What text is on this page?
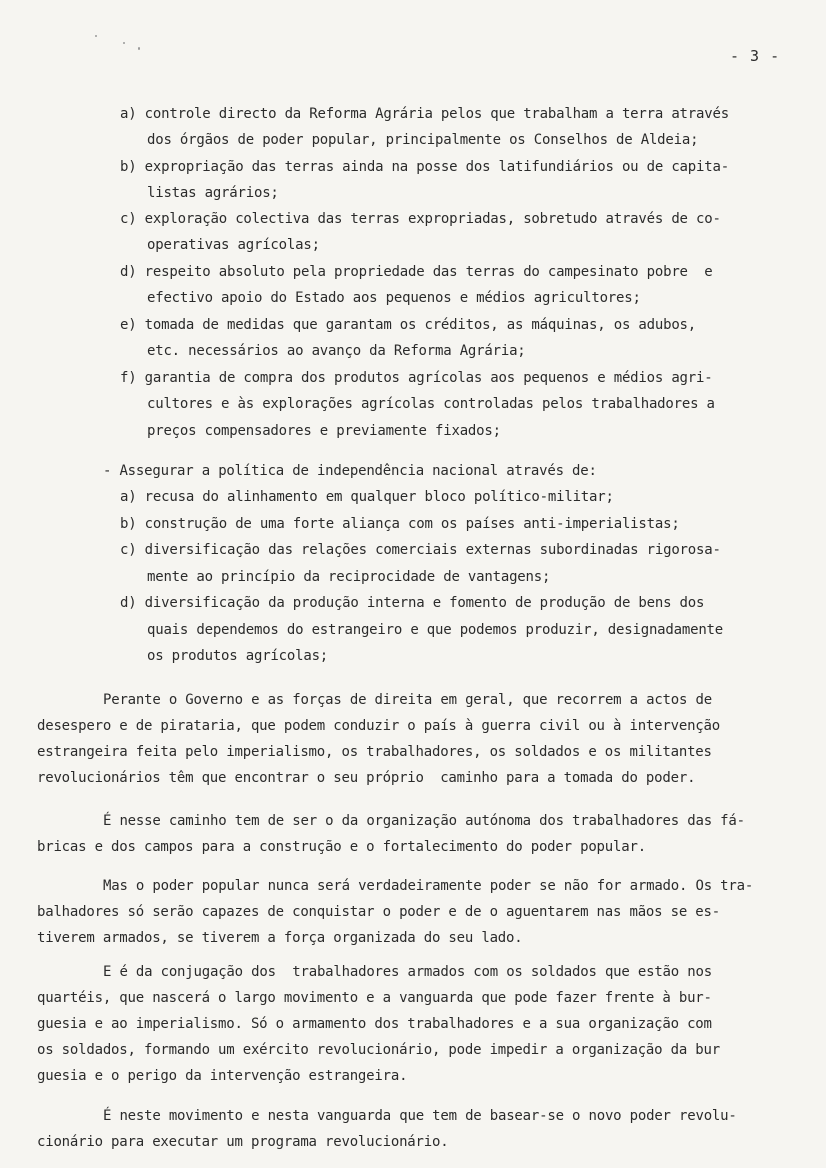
- 3 -
a) controle directo da Reforma Agrária pelos que trabalham a terra através
dos órgãos de poder popular, principalmente os Conselhos de Aldeia;
b) expropriação das terras ainda na posse dos latifundiários ou de capita-
listas agrários;
c) exploração colectiva das terras expropriadas, sobretudo através de co-
operativas agrícolas;
d) respeito absoluto pela propriedade das terras do campesinato pobre  e
efectivo apoio do Estado aos pequenos e médios agricultores;
e) tomada de medidas que garantam os créditos, as máquinas, os adubos,
etc. necessários ao avanço da Reforma Agrária;
f) garantia de compra dos produtos agrícolas aos pequenos e médios agri-
cultores e às explorações agrícolas controladas pelos trabalhadores a
preços compensadores e previamente fixados;
- Assegurar a política de independência nacional através de:
a) recusa do alinhamento em qualquer bloco político-militar;
b) construção de uma forte aliança com os países anti-imperialistas;
c) diversificação das relações comerciais externas subordinadas rigorosa-
mente ao princípio da reciprocidade de vantagens;
d) diversificação da produção interna e fomento de produção de bens dos
quais dependemos do estrangeiro e que podemos produzir, designadamente
os produtos agrícolas;
Perante o Governo e as forças de direita em geral, que recorrem a actos de
desespero e de pirataria, que podem conduzir o país à guerra civil ou à intervenção
estrangeira feita pelo imperialismo, os trabalhadores, os soldados e os militantes
revolucionários têm que encontrar o seu próprio  caminho para a tomada do poder.
É nesse caminho tem de ser o da organização autónoma dos trabalhadores das fá-
bricas e dos campos para a construção e o fortalecimento do poder popular.
Mas o poder popular nunca será verdadeiramente poder se não for armado. Os tra-
balhadores só serão capazes de conquistar o poder e de o aguentarem nas mãos se es-
tiverem armados, se tiverem a força organizada do seu lado.
E é da conjugação dos  trabalhadores armados com os soldados que estão nos
quartéis, que nascerá o largo movimento e a vanguarda que pode fazer frente à bur-
guesia e ao imperialismo. Só o armamento dos trabalhadores e a sua organização com
os soldados, formando um exército revolucionário, pode impedir a organização da bur
guesia e o perigo da intervenção estrangeira.
É neste movimento e nesta vanguarda que tem de basear-se o novo poder revolu-
cionário para executar um programa revolucionário.
